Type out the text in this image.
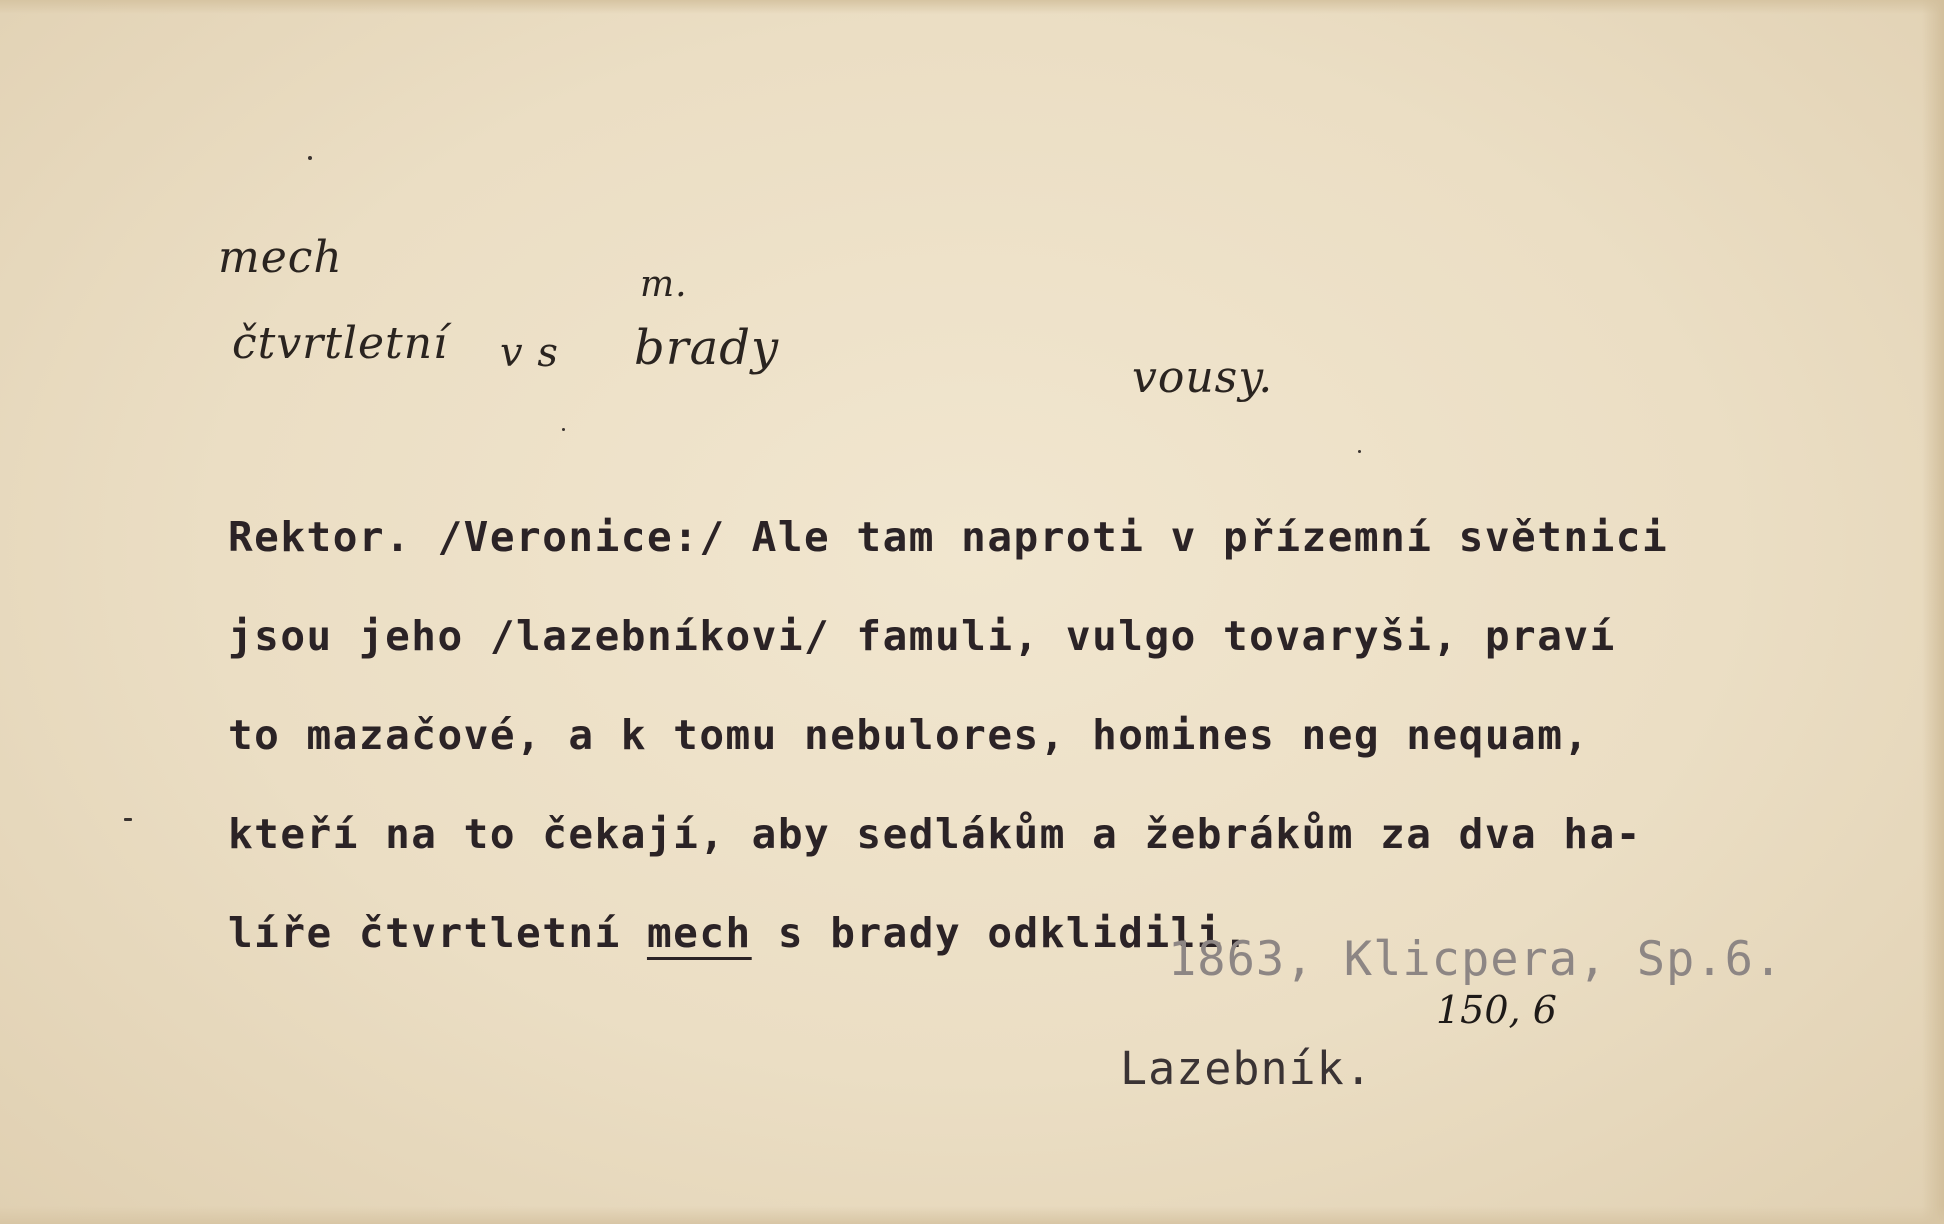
mech
čtvrtletní v s brady
m.
vousy.
Rektor. /Veronice:/ Ale tam naproti v přízemní světnici
jsou jeho /lazebníkovi/ famuli, vulgo tovaryši, praví
to mazačové, a k tomu nebulores, homines neg nequam,
kteří na to čekají, aby sedlákům a žebrákům za dva ha-
líře čtvrtletní mech s brady odklidili.
1863, Klicpera, Sp.6.
150, 6
Lazebník.
